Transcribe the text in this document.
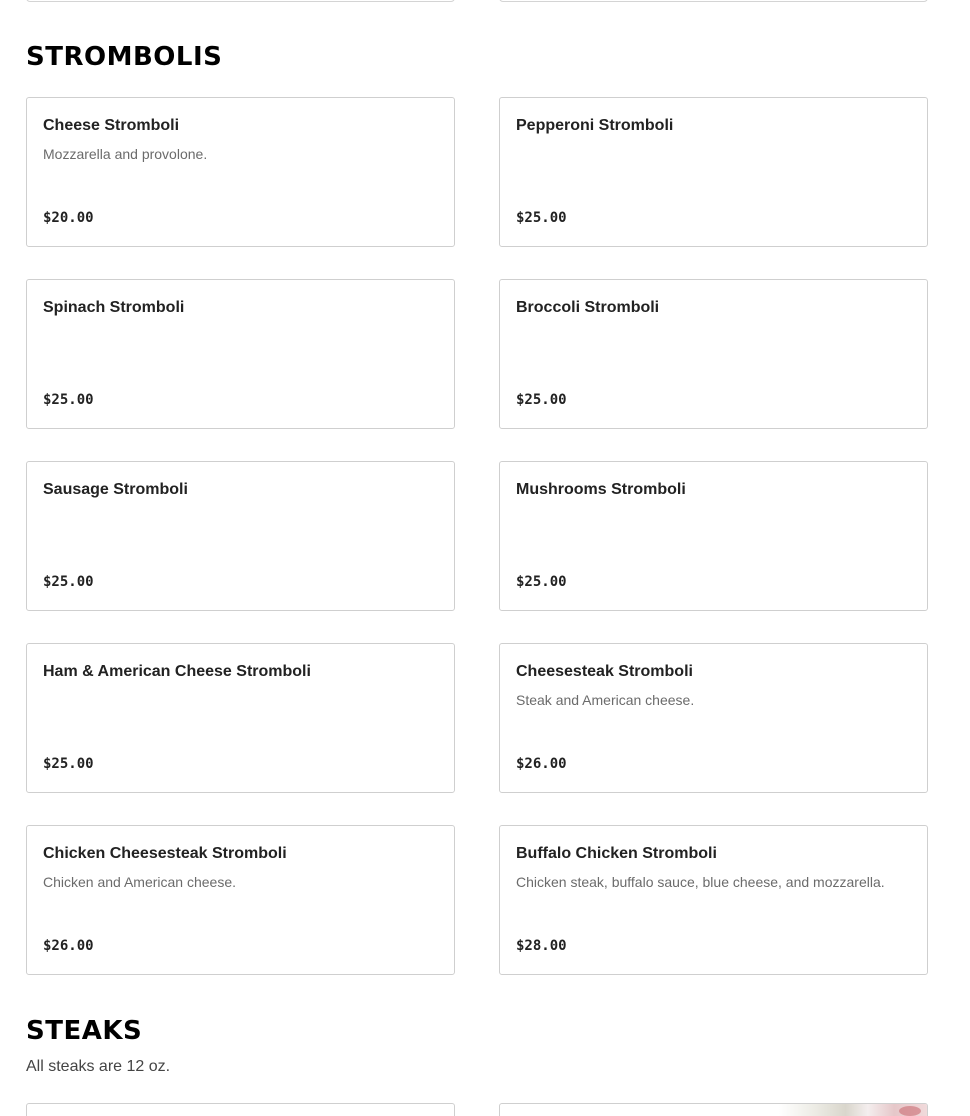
STROMBOLIS
Cheese Stromboli
Mozzarella and provolone.
$20.00
Pepperoni Stromboli
$25.00
Spinach Stromboli
$25.00
Broccoli Stromboli
$25.00
Sausage Stromboli
$25.00
Mushrooms Stromboli
$25.00
Ham & American Cheese Stromboli
$25.00
Cheesesteak Stromboli
Steak and American cheese.
$26.00
Chicken Cheesesteak Stromboli
Chicken and American cheese.
$26.00
Buffalo Chicken Stromboli
Chicken steak, buffalo sauce, blue cheese, and mozzarella.
$28.00
STEAKS

All steaks are 12 oz.
